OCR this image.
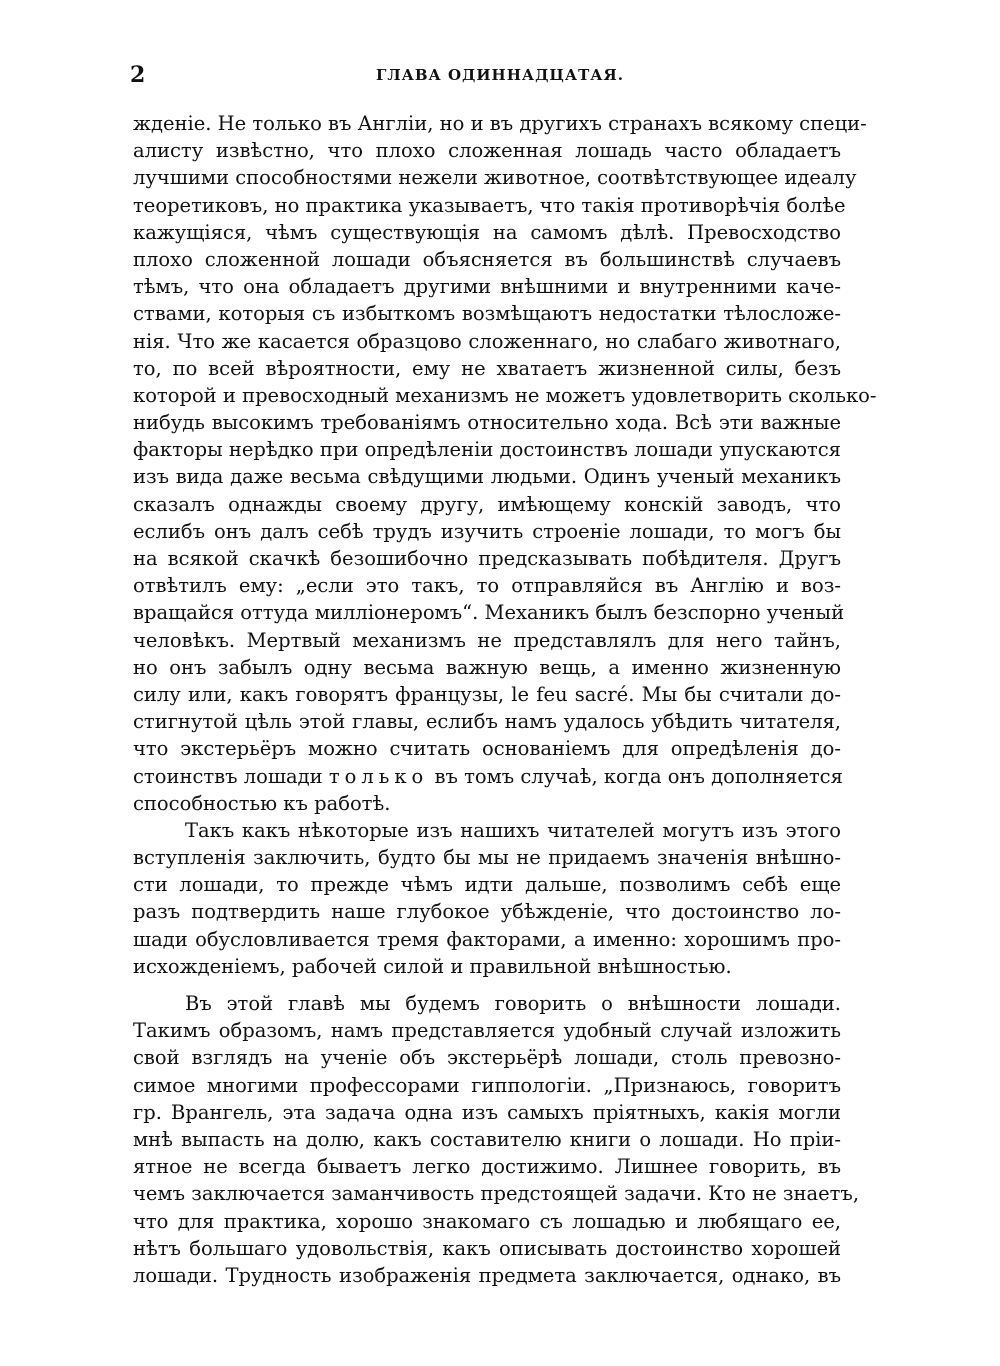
2	ГЛАВА ОДИННАДЦАТАЯ.
жденіе. Не только въ Англіи, но и въ другихъ странахъ всякому специ-
алисту извѣстно, что плохо сложенная лошадь часто обладаетъ
лучшими способностями нежели животное, соотвѣтствующее идеалу
теоретиковъ, но практика указываетъ, что такія противорѣчія болѣе
кажущіяся, чѣмъ существующія на самомъ дѣлѣ. Превосходство
плохо сложенной лошади объясняется въ большинствѣ случаевъ
тѣмъ, что она обладаетъ другими внѣшними и внутренними каче-
ствами, которыя съ избыткомъ возмѣщаютъ недостатки тѣлосложе-
нія. Что же касается образцово сложеннаго, но слабаго животнаго,
то, по всей вѣроятности, ему не хватаетъ жизненной силы, безъ
которой и превосходный механизмъ не можетъ удовлетворить сколько-
нибудь высокимъ требованіямъ относительно хода. Всѣ эти важные
факторы нерѣдко при опредѣленіи достоинствъ лошади упускаются
изъ вида даже весьма свѣдущими людьми. Одинъ ученый механикъ
сказалъ однажды своему другу, имѣющему конскій заводъ, что
еслибъ онъ далъ себѣ трудъ изучить строеніе лошади, то могъ бы
на всякой скачкѣ безошибочно предсказывать побѣдителя. Другъ
отвѣтилъ ему: „если это такъ, то отправляйся въ Англію и воз-
вращайся оттуда милліонеромъ“. Механикъ былъ безспорно ученый
человѣкъ. Мертвый механизмъ не представлялъ для него тайнъ,
но онъ забылъ одну весьма важную вещь, а именно жизненную
силу или, какъ говорятъ французы, le feu sacré. Мы бы считали до-
стигнутой цѣль этой главы, еслибъ намъ удалось убѣдить читателя,
что экстерьёръ можно считать основаніемъ для опредѣленія до-
стоинствъ лошади только въ томъ случаѣ, когда онъ дополняется
способностью къ работѣ.
Такъ какъ нѣкоторые изъ нашихъ читателей могутъ изъ этого
вступленія заключить, будто бы мы не придаемъ значенія внѣшно-
сти лошади, то прежде чѣмъ идти дальше, позволимъ себѣ еще
разъ подтвердить наше глубокое убѣжденіе, что достоинство ло-
шади обусловливается тремя факторами, а именно: хорошимъ про-
исхожденіемъ, рабочей силой и правильной внѣшностью.
Въ этой главѣ мы будемъ говорить о внѣшности лошади.
Такимъ образомъ, намъ представляется удобный случай изложить
свой взглядъ на ученіе объ экстерьёрѣ лошади, столь превозно-
симое многими профессорами гиппологіи. „Признаюсь, говоритъ
гр. Врангель, эта задача одна изъ самыхъ пріятныхъ, какія могли
мнѣ выпасть на долю, какъ составителю книги о лошади. Но пріи-
ятное не всегда бываетъ легко достижимо. Лишнее говорить, въ
чемъ заключается заманчивость предстоящей задачи. Кто не знаетъ,
что для практика, хорошо знакомаго съ лошадью и любящаго ее,
нѣтъ большаго удовольствія, какъ описывать достоинство хорошей
лошади. Трудность изображенія предмета заключается, однако, въ
